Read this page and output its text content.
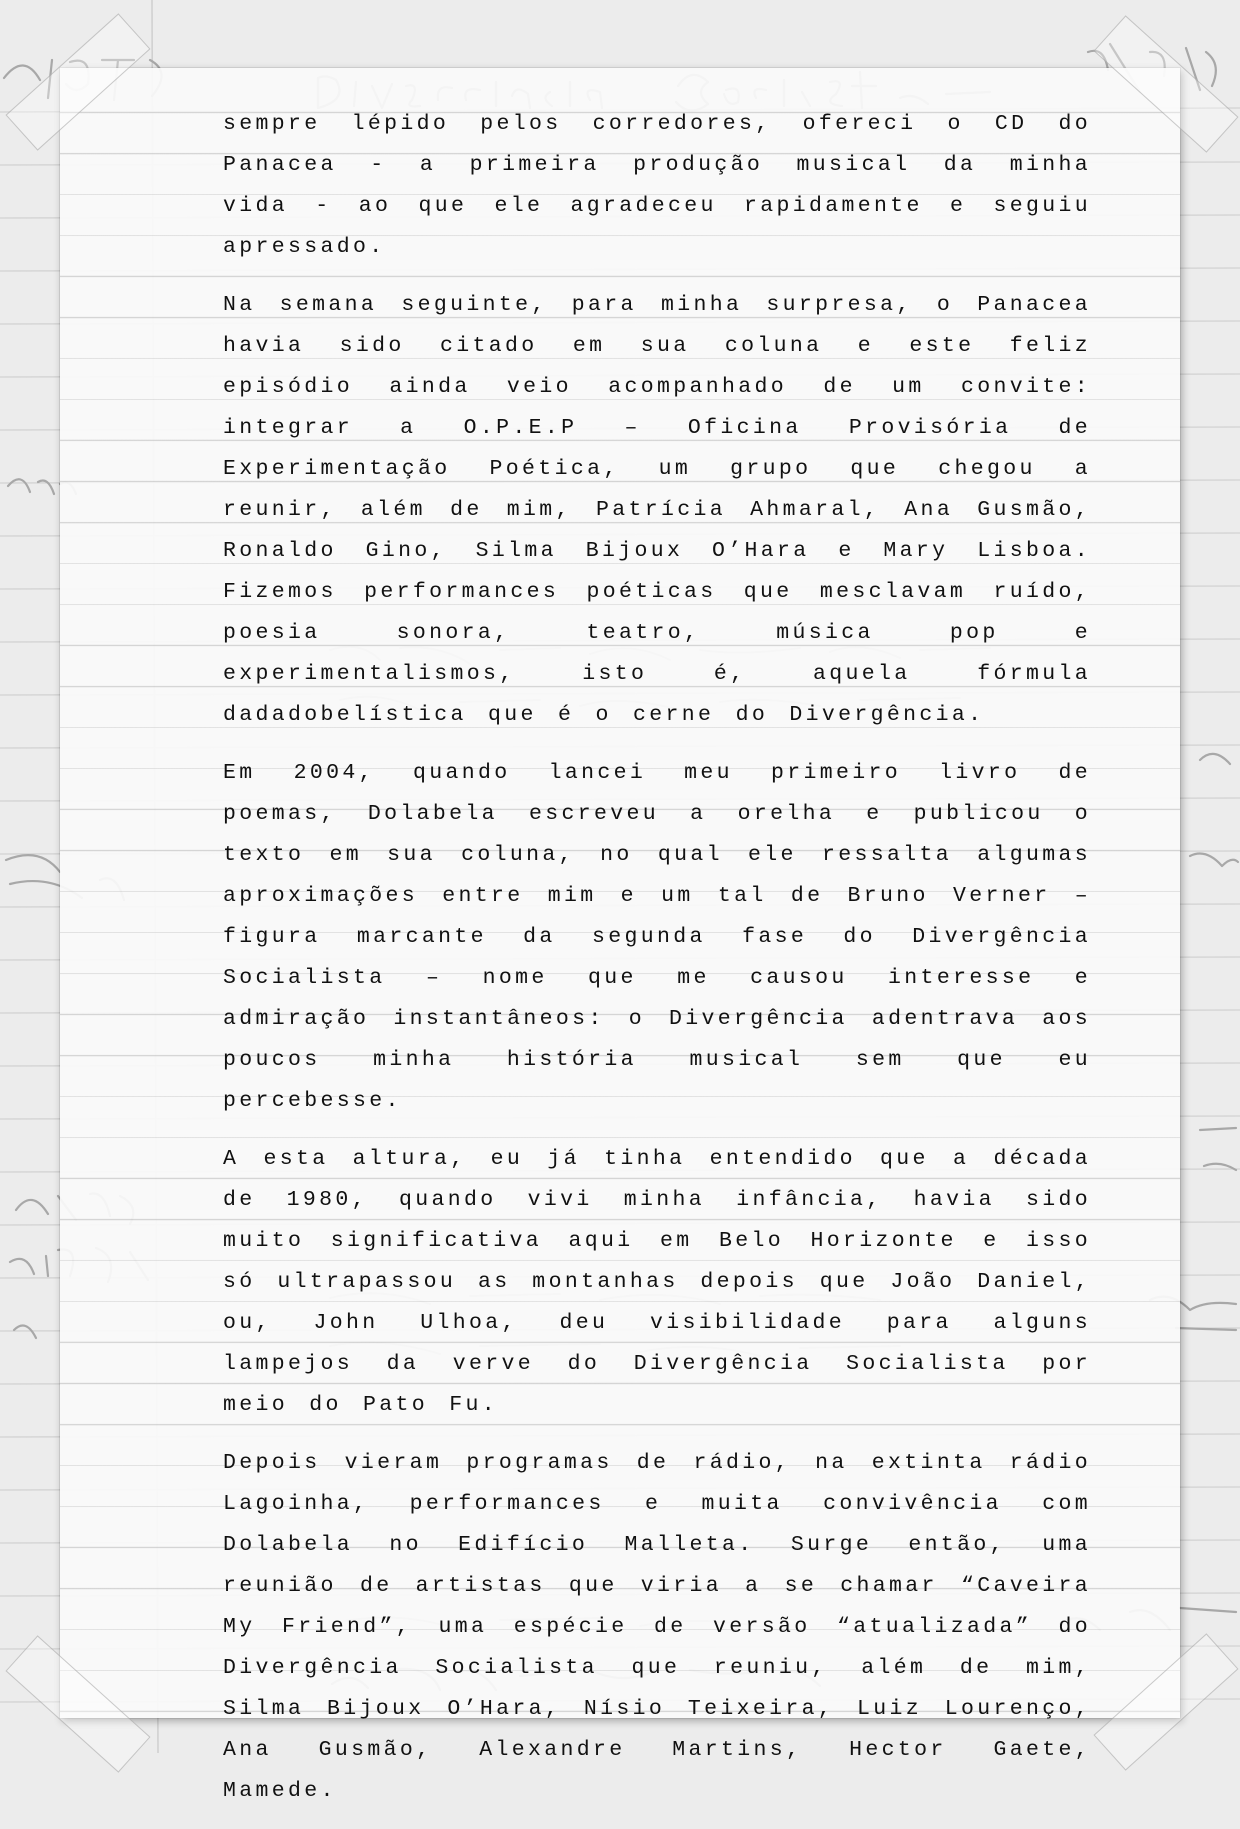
sempre lépido pelos corredores, ofereci o CD do Panacea - a primeira produção musical da minha vida - ao que ele agradeceu rapidamente e seguiu apressado.

Na semana seguinte, para minha surpresa, o Panacea havia sido citado em sua coluna e este feliz episódio ainda veio acompanhado de um convite: integrar a O.P.E.P – Oficina Provisória de Experimentação Poética, um grupo que chegou a reunir, além de mim, Patrícia Ahmaral, Ana Gusmão, Ronaldo Gino, Silma Bijoux O’Hara e Mary Lisboa. Fizemos performances poéticas que mesclavam ruído, poesia sonora, teatro, música pop e experimentalismos, isto é, aquela fórmula dadadobelística que é o cerne do Divergência.

Em 2004, quando lancei meu primeiro livro de poemas, Dolabela escreveu a orelha e publicou o texto em sua coluna, no qual ele ressalta algumas aproximações entre mim e um tal de Bruno Verner – figura marcante da segunda fase do Divergência Socialista – nome que me causou interesse e admiração instantâneos: o Divergência adentrava aos poucos minha história musical sem que eu percebesse.

A esta altura, eu já tinha entendido que a década de 1980, quando vivi minha infância, havia sido muito significativa aqui em Belo Horizonte e isso só ultrapassou as montanhas depois que João Daniel, ou, John Ulhoa, deu visibilidade para alguns lampejos da verve do Divergência Socialista por meio do Pato Fu.

Depois vieram programas de rádio, na extinta rádio Lagoinha, performances e muita convivência com Dolabela no Edifício Malleta. Surge então, uma reunião de artistas que viria a se chamar “Caveira My Friend”, uma espécie de versão “atualizada” do Divergência Socialista que reuniu, além de mim, Silma Bijoux O’Hara, Nísio Teixeira, Luiz Lourenço, Ana Gusmão, Alexandre Martins, Hector Gaete, Mamede.
